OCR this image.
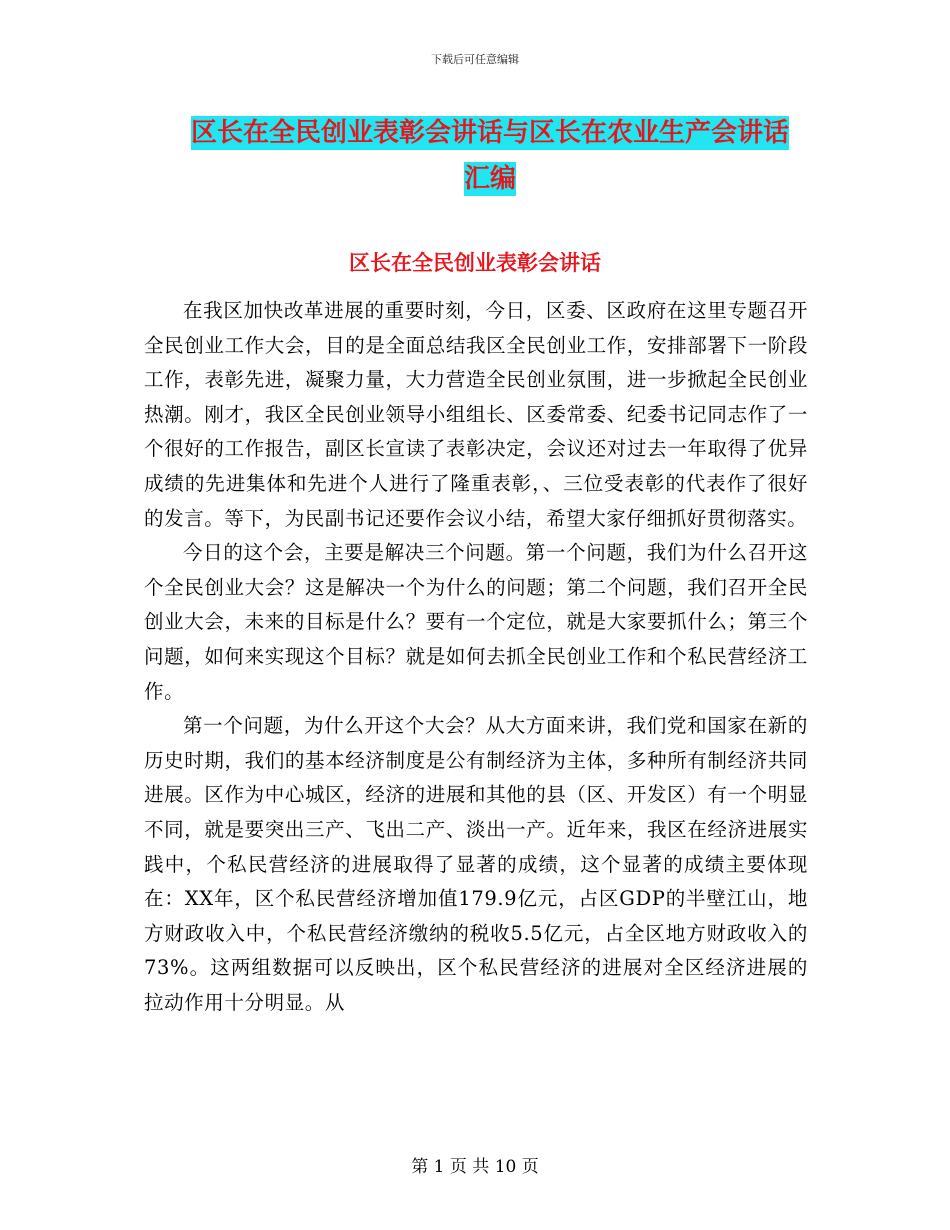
下载后可任意编辑
区长在全民创业表彰会讲话与区长在农业生产会讲话
汇编
区长在全民创业表彰会讲话

在我区加快改革进展的重要时刻，今日，区委、区政府在这里专题召开全民创业工作大会，目的是全面总结我区全民创业工作，安排部署下一阶段工作，表彰先进，凝聚力量，大力营造全民创业氛围，进一步掀起全民创业热潮。刚才，我区全民创业领导小组组长、区委常委、纪委书记同志作了一个很好的工作报告，副区长宣读了表彰决定，会议还对过去一年取得了优异成绩的先进集体和先进个人进行了隆重表彰，、三位受表彰的代表作了很好的发言。等下，为民副书记还要作会议小结，希望大家仔细抓好贯彻落实。

今日的这个会，主要是解决三个问题。第一个问题，我们为什么召开这个全民创业大会？这是解决一个为什么的问题；第二个问题，我们召开全民创业大会，未来的目标是什么？要有一个定位，就是大家要抓什么；第三个问题，如何来实现这个目标？就是如何去抓全民创业工作和个私民营经济工作。

第一个问题，为什么开这个大会？从大方面来讲，我们党和国家在新的历史时期，我们的基本经济制度是公有制经济为主体，多种所有制经济共同进展。区作为中心城区，经济的进展和其他的县（区、开发区）有一个明显不同，就是要突出三产、飞出二产、淡出一产。近年来，我区在经济进展实践中，个私民营经济的进展取得了显著的成绩，这个显著的成绩主要体现在：XX年，区个私民营经济增加值179.9亿元，占区GDP的半壁江山，地方财政收入中，个私民营经济缴纳的税收5.5亿元，占全区地方财政收入的73%。这两组数据可以反映出，区个私民营经济的进展对全区经济进展的拉动作用十分明显。从

第 1 页 共 10 页
